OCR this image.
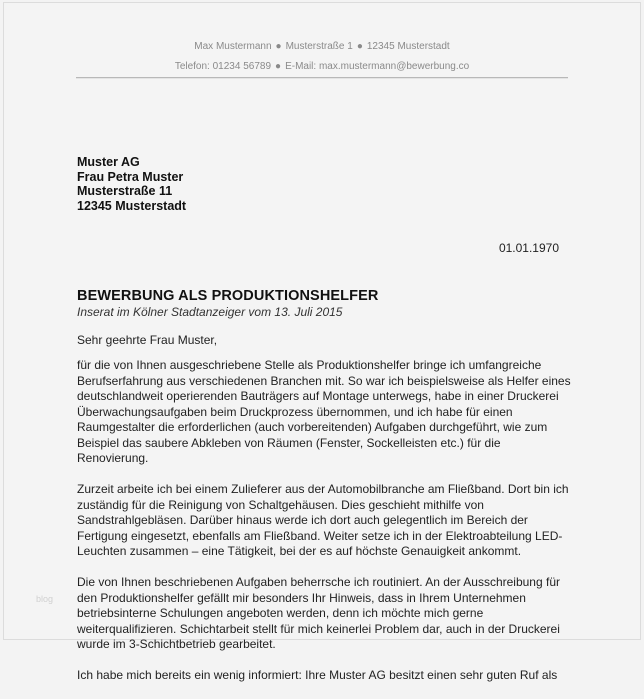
Max Mustermann ● Musterstraße 1 ● 12345 Musterstadt
Telefon: 01234 56789 ● E-Mail: max.mustermann@bewerbung.co
Muster AG
Frau Petra Muster
Musterstraße 11
12345 Musterstadt
01.01.1970
BEWERBUNG ALS PRODUKTIONSHELFER
Inserat im Kölner Stadtanzeiger vom 13. Juli 2015
Sehr geehrte Frau Muster,

für die von Ihnen ausgeschriebene Stelle als Produktionshelfer bringe ich umfangreiche
Berufserfahrung aus verschiedenen Branchen mit. So war ich beispielsweise als Helfer eines
deutschlandweit operierenden Bauträgers auf Montage unterwegs, habe in einer Druckerei
Überwachungsaufgaben beim Druckprozess übernommen, und ich habe für einen
Raumgestalter die erforderlichen (auch vorbereitenden) Aufgaben durchgeführt, wie zum
Beispiel das saubere Abkleben von Räumen (Fenster, Sockelleisten etc.) für die
Renovierung.

Zurzeit arbeite ich bei einem Zulieferer aus der Automobilbranche am Fließband. Dort bin ich
zuständig für die Reinigung von Schaltgehäusen. Dies geschieht mithilfe von
Sandstrahlgebläsen. Darüber hinaus werde ich dort auch gelegentlich im Bereich der
Fertigung eingesetzt, ebenfalls am Fließband. Weiter setze ich in der Elektroabteilung LED-
Leuchten zusammen – eine Tätigkeit, bei der es auf höchste Genauigkeit ankommt.

Die von Ihnen beschriebenen Aufgaben beherrsche ich routiniert. An der Ausschreibung für
den Produktionshelfer gefällt mir besonders Ihr Hinweis, dass in Ihrem Unternehmen
betriebsinterne Schulungen angeboten werden, denn ich möchte mich gerne
weiterqualifizieren. Schichtarbeit stellt für mich keinerlei Problem dar, auch in der Druckerei
wurde im 3-Schichtbetrieb gearbeitet.

Ich habe mich bereits ein wenig informiert: Ihre Muster AG besitzt einen sehr guten Ruf als

blog
